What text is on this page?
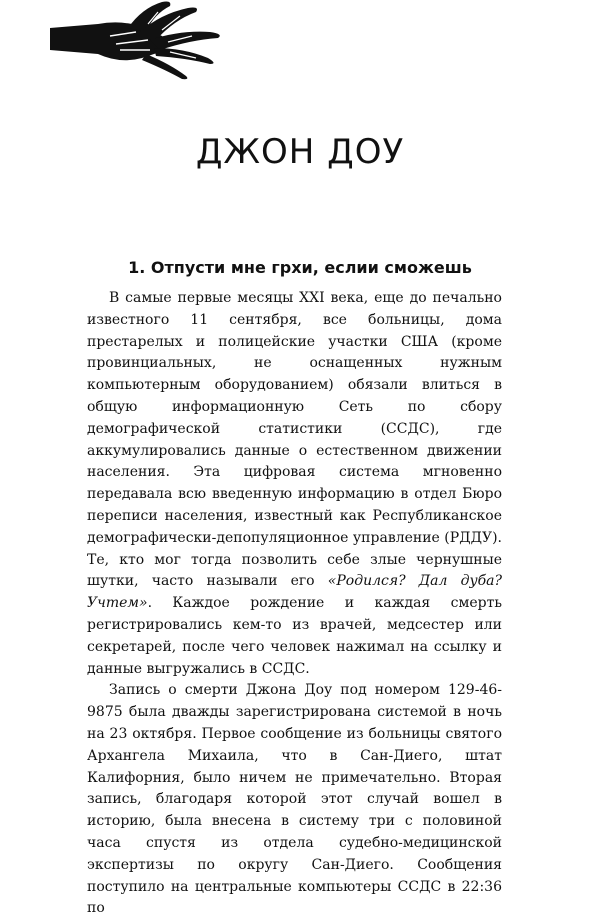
ДЖОН ДОУ
1. Отпусти мне грхи, еслии сможешь

В самые первые месяцы XXI века, еще до печально известного 11 сентября, все больницы, дома престарелых и полицейские участки США (кроме провинциальных, не оснащенных нужным компьютерным оборудованием) обязали влиться в общую информационную Сеть по сбору демографической статистики (ССДС), где аккумулировались данные о естественном движении населения. Эта цифровая система мгновенно передавала всю введенную информацию в отдел Бюро переписи населения, известный как Республиканское демографически-депопуляционное управление (РДДУ). Те, кто мог тогда позволить себе злые чернушные шутки, часто называли его «Родился? Дал дуба? Учтем». Каждое рождение и каждая смерть регистрировались кем-то из врачей, медсестер или секретарей, после чего человек нажимал на ссылку и данные выгружались в ССДС.

Запись о смерти Джона Доу под номером 129-46-9875 была дважды зарегистрирована системой в ночь на 23 октября. Первое сообщение из больницы святого Архангела Михаила, что в Сан-Диего, штат Калифорния, было ничем не примечательно. Вторая запись, благодаря которой этот случай вошел в историю, была внесена в систему три с половиной часа спустя из отдела судебно-медицинской экспертизы по округу Сан-Диего. Сообщения поступило на центральные компьютеры ССДС в 22:36 по
